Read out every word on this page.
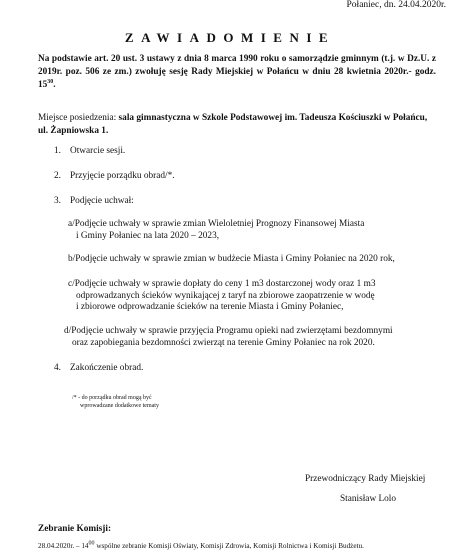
Połaniec, dn. 24.04.2020r.
ZAWIADOMIENIE
Na podstawie art. 20 ust. 3 ustawy z dnia 8 marca 1990 roku o samorządzie gminnym (t.j. w Dz.U. z 2019r. poz. 506 ze zm.) zwołuję sesję Rady Miejskiej w Połańcu w dniu 28 kwietnia 2020r.- godz. $15^{30}$.
Miejsce posiedzenia: sala gimnastyczna w Szkole Podstawowej im. Tadeusza Kościuszki w Połańcu, ul. Żapniowska 1.
1. Otwarcie sesji.
2. Przyjęcie porządku obrad/*.
3. Podjęcie uchwał:
a/Podjęcie uchwały w sprawie zmian Wieloletniej Prognozy Finansowej Miasta
i Gminy Połaniec na lata 2020 – 2023,
b/Podjęcie uchwały w sprawie zmian w budżecie Miasta i Gminy Połaniec na 2020 rok,
c/Podjęcie uchwały w sprawie dopłaty do ceny 1 m3 dostarczonej wody oraz 1 m3
odprowadzanych ścieków wynikającej z taryf na zbiorowe zaopatrzenie w wodę
i zbiorowe odprowadzanie ścieków na terenie Miasta i Gminy Połaniec,
d/Podjęcie uchwały w sprawie przyjęcia Programu opieki nad zwierzętami bezdomnymi
oraz zapobiegania bezdomności zwierząt na terenie Gminy Połaniec na rok 2020.
4. Zakończenie obrad.
/* - do porządku obrad mogą być
wprowadzane dodatkowe tematy
Przewodniczący Rady Miejskiej
Stanisław Lolo
Zebranie Komisji:
28.04.2020r. – $14^{00}$ wspólne zebranie Komisji Oświaty, Komisji Zdrowia, Komisji Rolnictwa i Komisji Budżetu.
